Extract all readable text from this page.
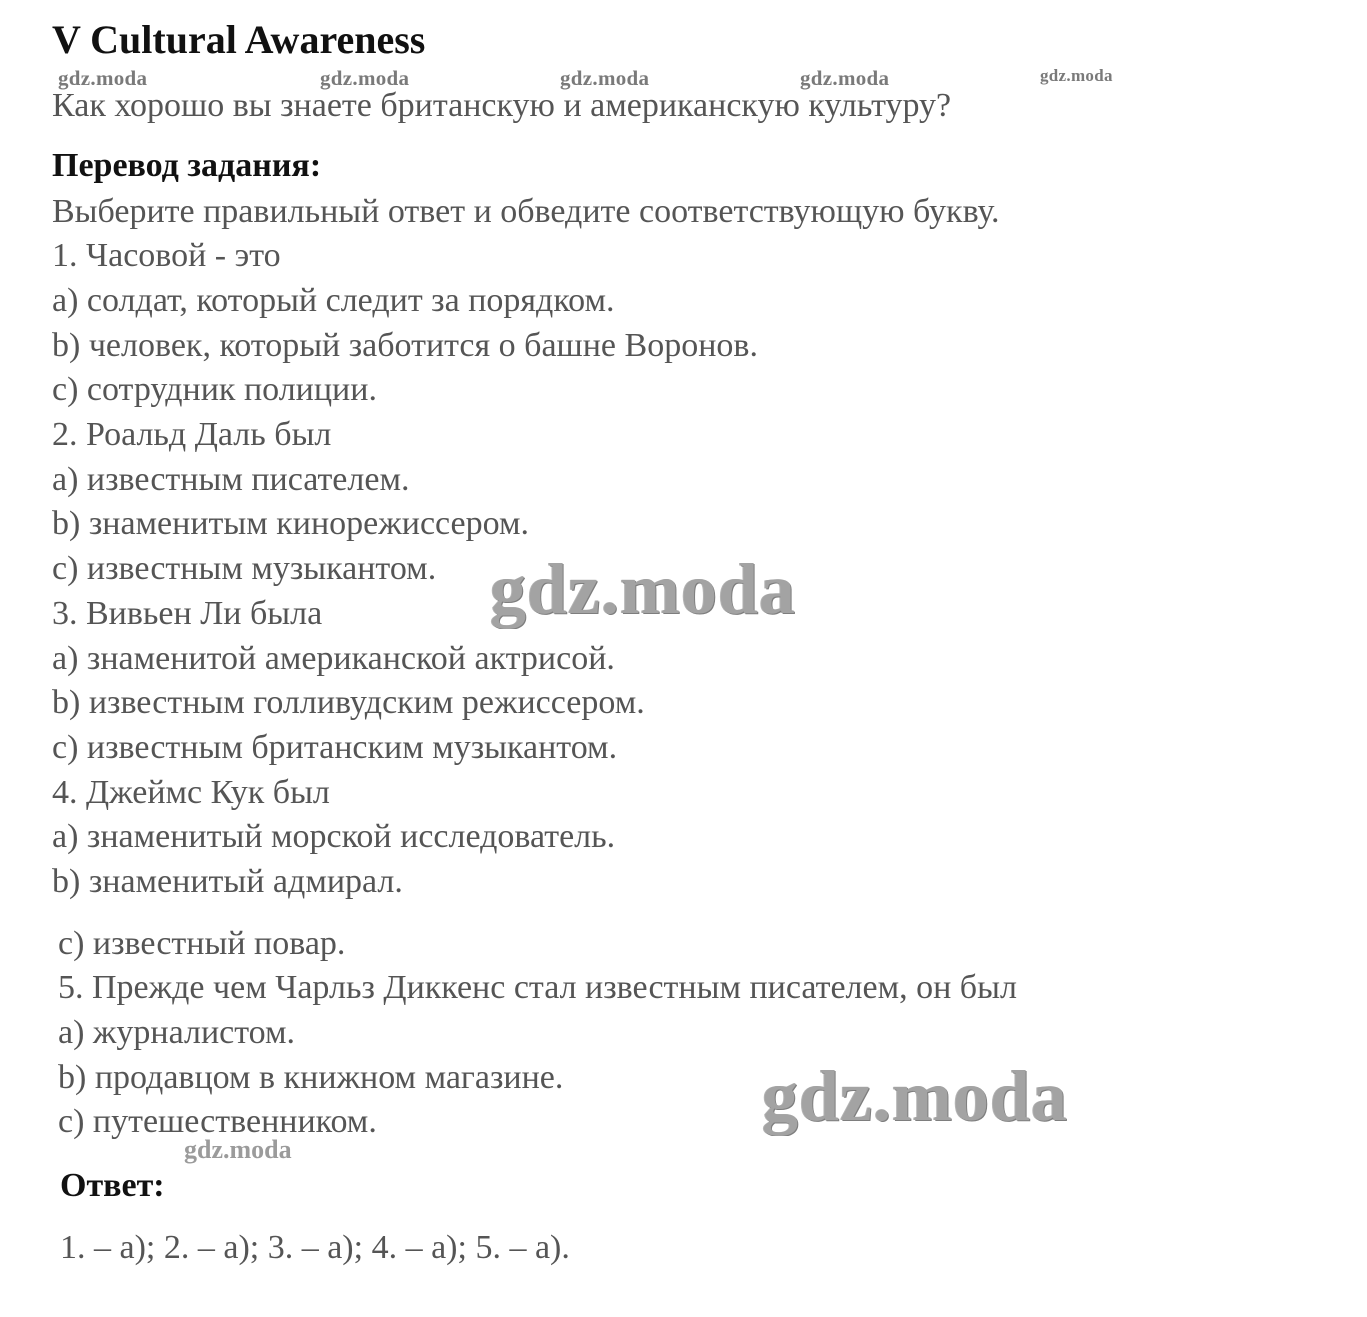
V Cultural Awareness
gdz.moda	gdz.moda	gdz.moda	gdz.moda	gdz.moda
Как хорошо вы знаете британскую и американскую культуру?
Перевод задания:
Выберите правильный ответ и обведите соответствующую букву.
1. Часовой - это
a) солдат, который следит за порядком.
b) человек, который заботится о башне Воронов.
c) сотрудник полиции.
2. Роальд Даль был
a) известным писателем.
b) знаменитым кинорежиссером.
c) известным музыкантом.
3. Вивьен Ли была
a) знаменитой американской актрисой.
b) известным голливудским режиссером.
c) известным британским музыкантом.
4. Джеймс Кук был
a) знаменитый морской исследователь.
b) знаменитый адмирал.
c) известный повар.
5. Прежде чем Чарльз Диккенс стал известным писателем, он был
a) журналистом.
b) продавцом в книжном магазине.
c) путешественником.
gdz.moda
gdz.moda
gdz.moda
Ответ:
1. – a); 2. – a); 3. – a); 4. – a); 5. – a).
